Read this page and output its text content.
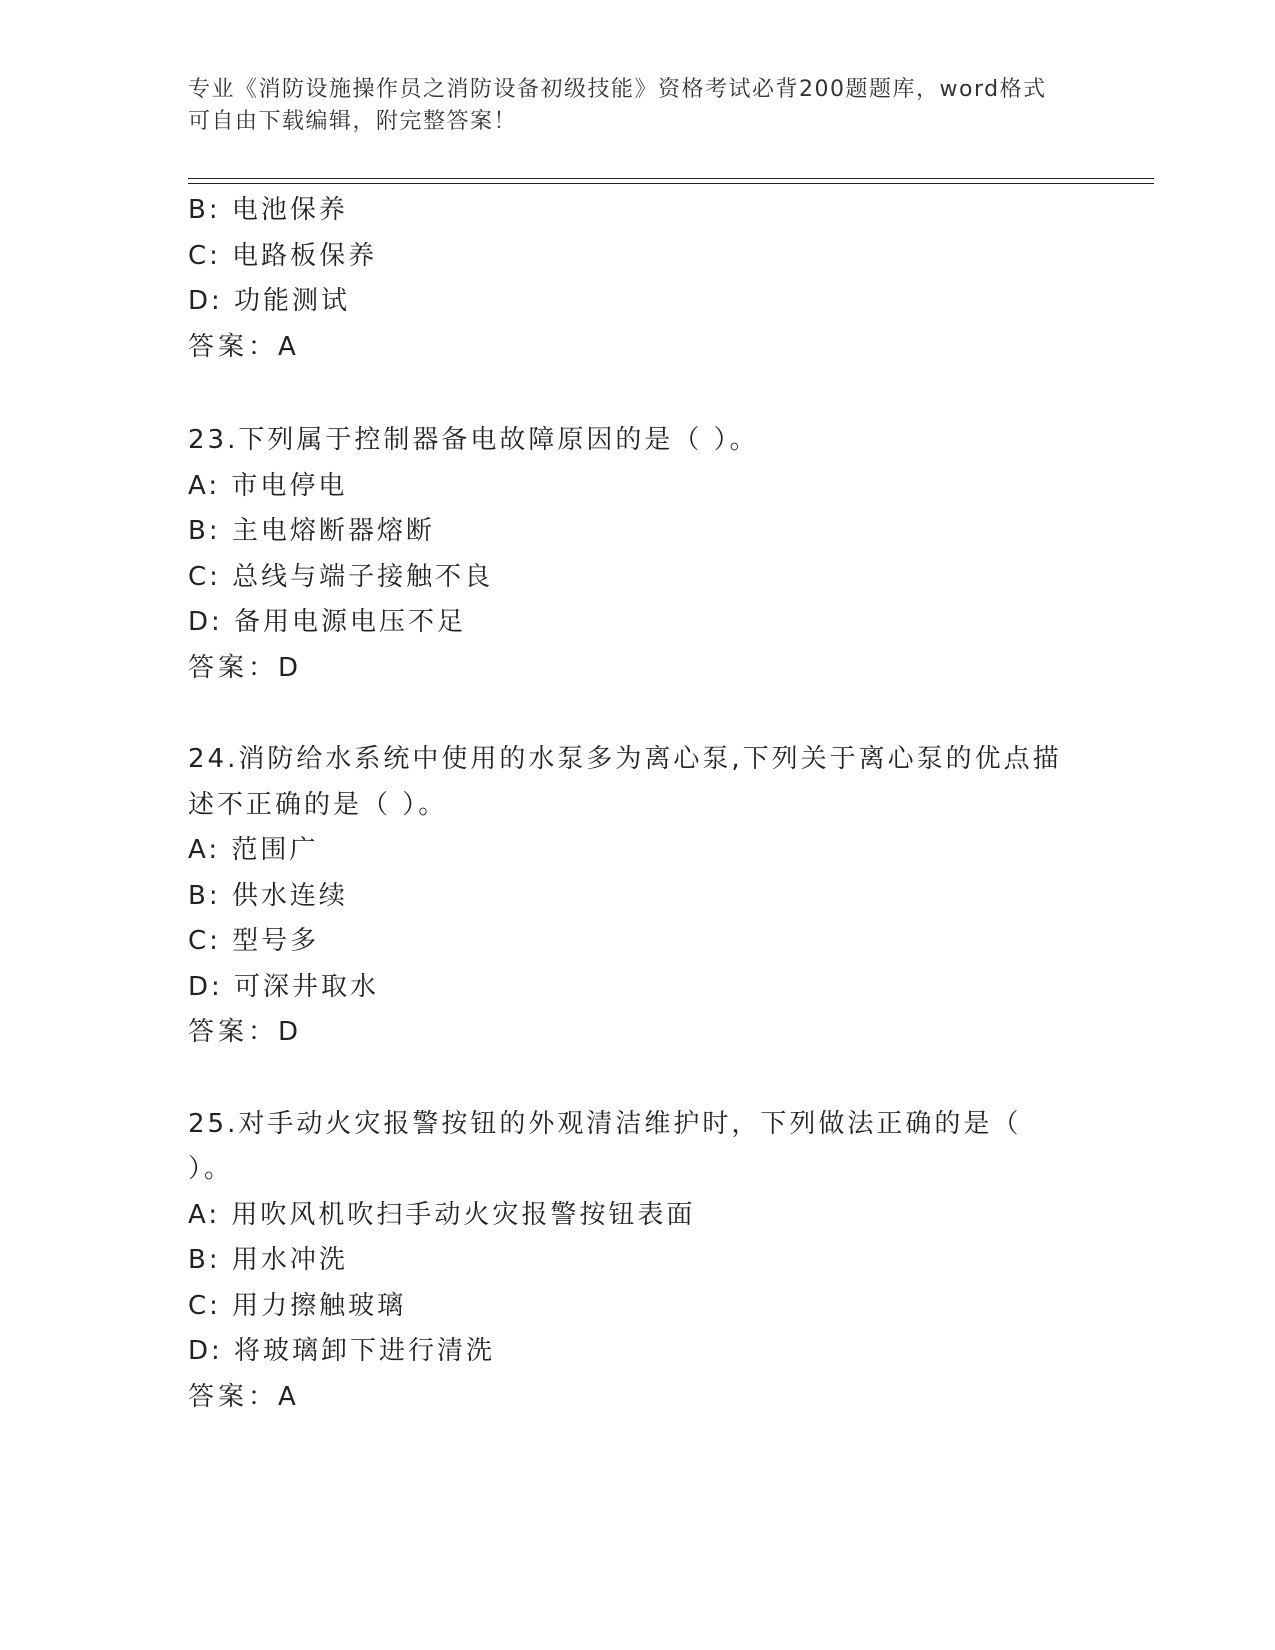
专业《消防设施操作员之消防设备初级技能》资格考试必背200题题库，word格式可自由下载编辑，附完整答案！

B: 电池保养

C: 电路板保养

D: 功能测试

答案：A

23.下列属于控制器备电故障原因的是（ ）。

A: 市电停电

B: 主电熔断器熔断

C: 总线与端子接触不良

D: 备用电源电压不足

答案：D

24.消防给水系统中使用的水泵多为离心泵,下列关于离心泵的优点描述不正确的是（ ）。

A: 范围广

B: 供水连续

C: 型号多

D: 可深井取水

答案：D

25.对手动火灾报警按钮的外观清洁维护时，下列做法正确的是（ ）。

A: 用吹风机吹扫手动火灾报警按钮表面

B: 用水冲洗

C: 用力擦触玻璃

D: 将玻璃卸下进行清洗

答案：A
